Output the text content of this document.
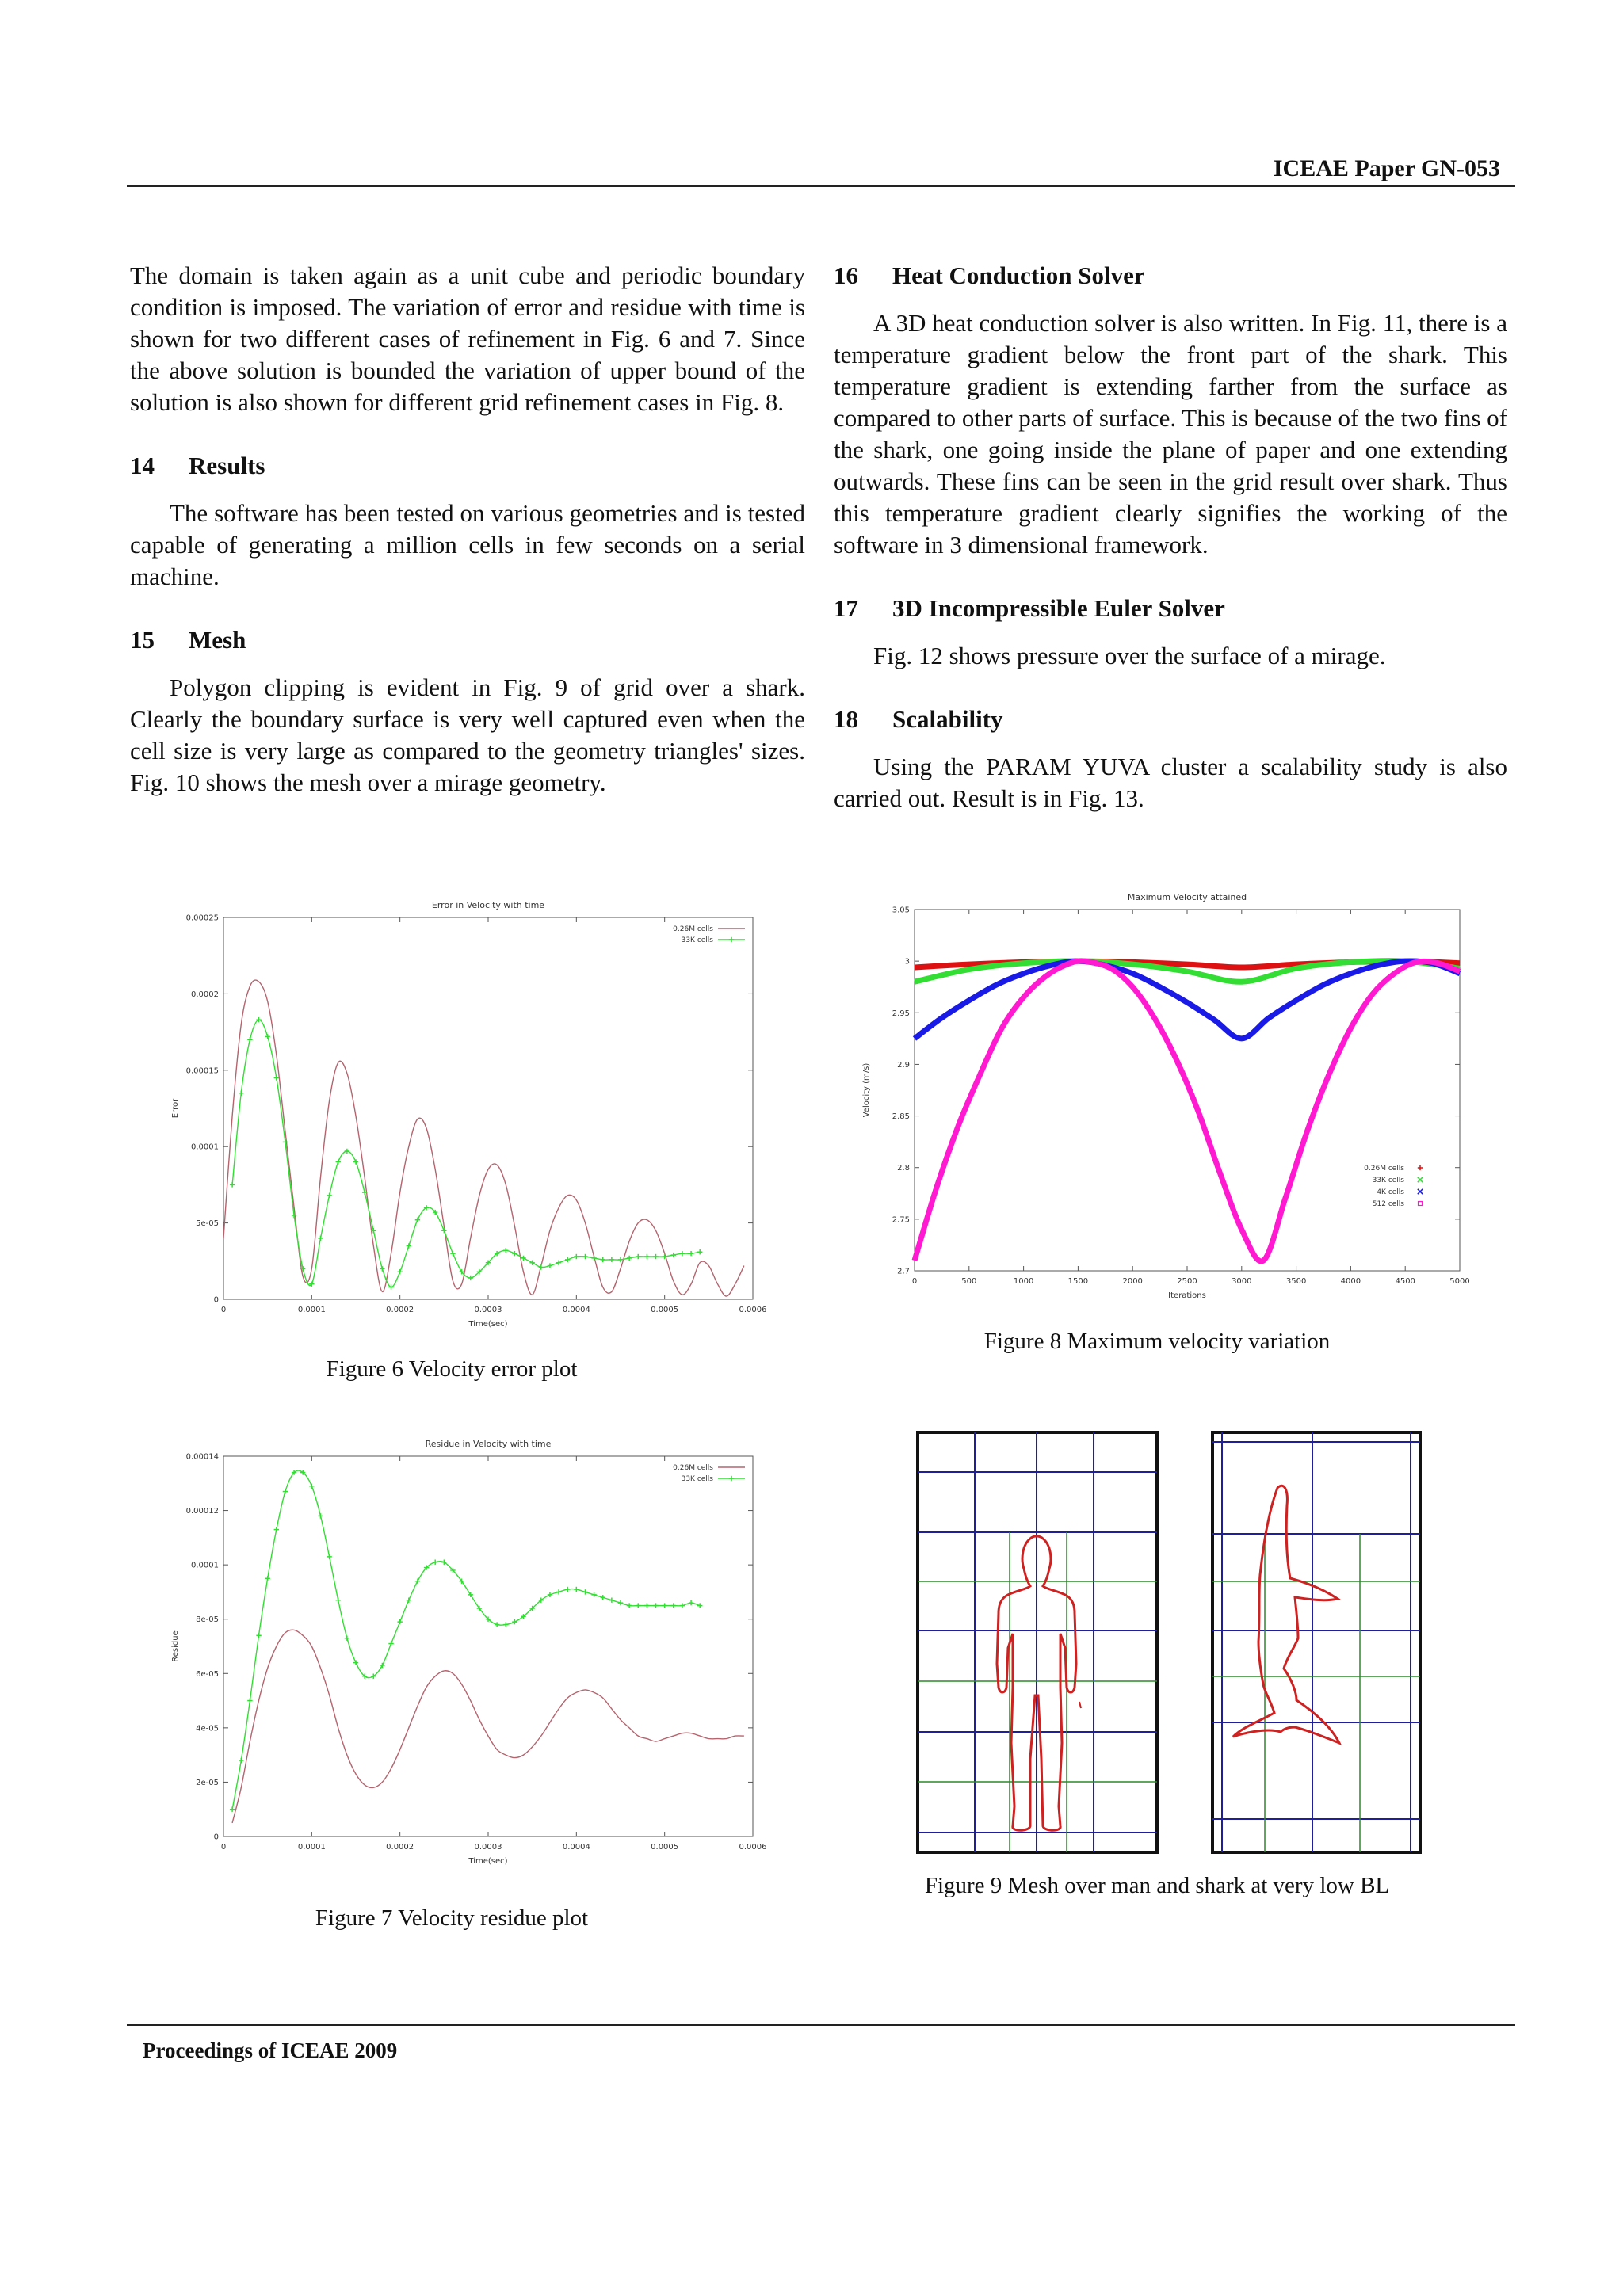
ICEAE Paper GN-053

The domain is taken again as a unit cube and periodic boundary condition is imposed. The variation of error and residue with time is shown for two different cases of refinement in Fig. 6 and 7. Since the above solution is bounded the variation of upper bound of the solution is also shown for different grid refinement cases in Fig. 8.

14 Results

The software has been tested on various geometries and is tested capable of generating a million cells in few seconds on a serial machine.

15 Mesh

Polygon clipping is evident in Fig. 9 of grid over a shark. Clearly the boundary surface is very well captured even when the cell size is very large as compared to the geometry triangles' sizes. Fig. 10 shows the mesh over a mirage geometry.

16 Heat Conduction Solver

A 3D heat conduction solver is also written. In Fig. 11, there is a temperature gradient below the front part of the shark. This temperature gradient is extending farther from the surface as compared to other parts of surface. This is because of the two fins of the shark, one going inside the plane of paper and one extending outwards. These fins can be seen in the grid result over shark. Thus this temperature gradient clearly signifies the working of the software in 3 dimensional framework.

17 3D Incompressible Euler Solver

Fig. 12 shows pressure over the surface of a mirage.

18 Scalability

Using the PARAM YUVA cluster a scalability study is also carried out. Result is in Fig. 13.

Error in Velocity with time
0	0.0001	0.0002	0.0003	0.0004	0.0005	0.0006
0
5e-05
0.0001
0.00015
0.0002
0.00025
Time(sec)
Error
0.26M cells
33K cells
Figure 6 Velocity error plot
Residue in Velocity with time
0	0.0001	0.0002	0.0003	0.0004	0.0005	0.0006
0
2e-05
4e-05
6e-05
8e-05
0.0001
0.00012
0.00014
Time(sec)
Residue
0.26M cells
33K cells
Figure 7 Velocity residue plot
Maximum Velocity attained
0	500	1000	1500	2000	2500	3000	3500	4000	4500	5000
2.7
2.75
2.8
2.85
2.9
2.95
3
3.05
Iterations
Velocity (m/s)
0.26M cells
33K cells
4K cells
512 cells
Figure 8 Maximum velocity variation
Figure 9 Mesh over man and shark at very low BL
Proceedings of ICEAE 2009
